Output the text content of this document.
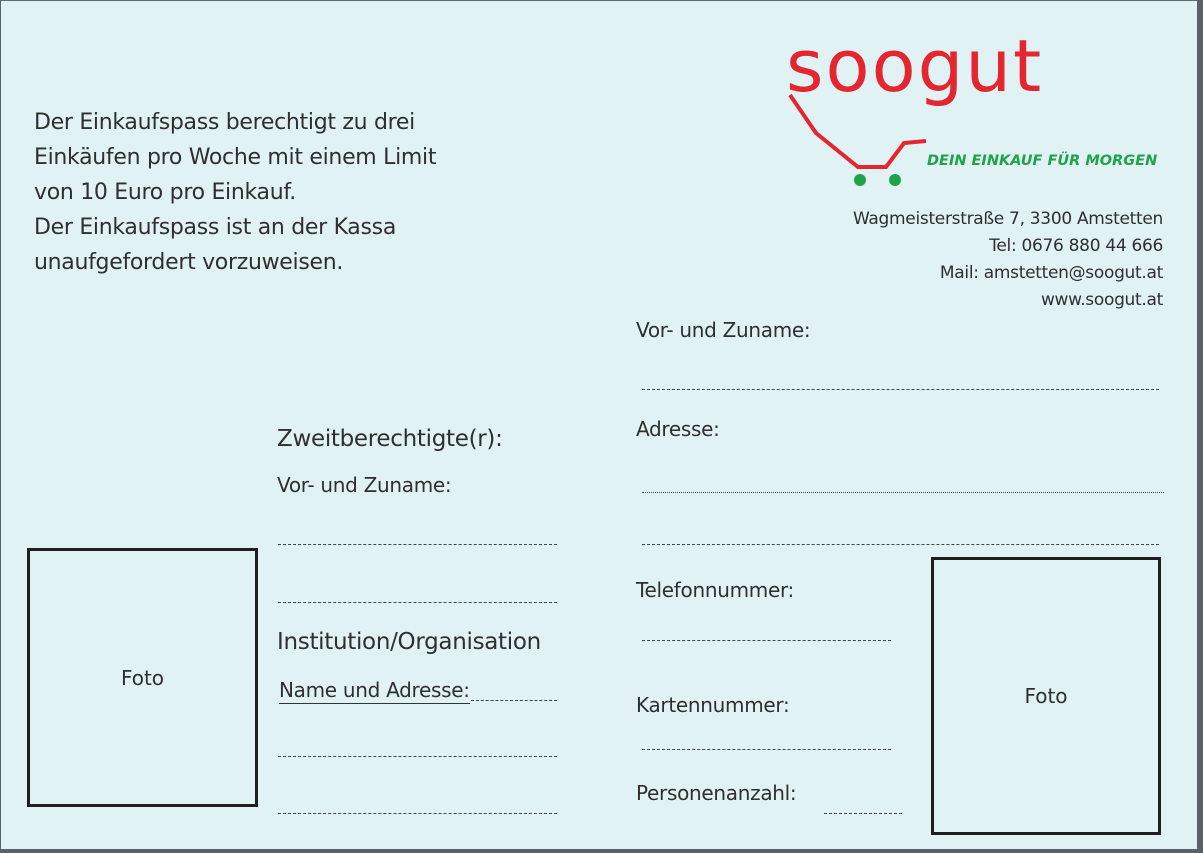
Der Einkaufspass berechtigt zu drei
Einkäufen pro Woche mit einem Limit
von 10 Euro pro Einkauf.
Der Einkaufspass ist an der Kassa
unaufgefordert vorzuweisen.

soogut
DEIN EINKAUF FÜR MORGEN
Wagmeisterstraße 7, 3300 Amstetten
Tel: 0676 880 44 666
Mail: amstetten@soogut.at
www.soogut.at
Vor- und Zuname:
Adresse:
Telefonnummer:
Kartennummer:
Personenanzahl:
Zweitberechtigte(r):
Vor- und Zuname:
Institution/Organisation
Name und Adresse:
Foto
Foto
